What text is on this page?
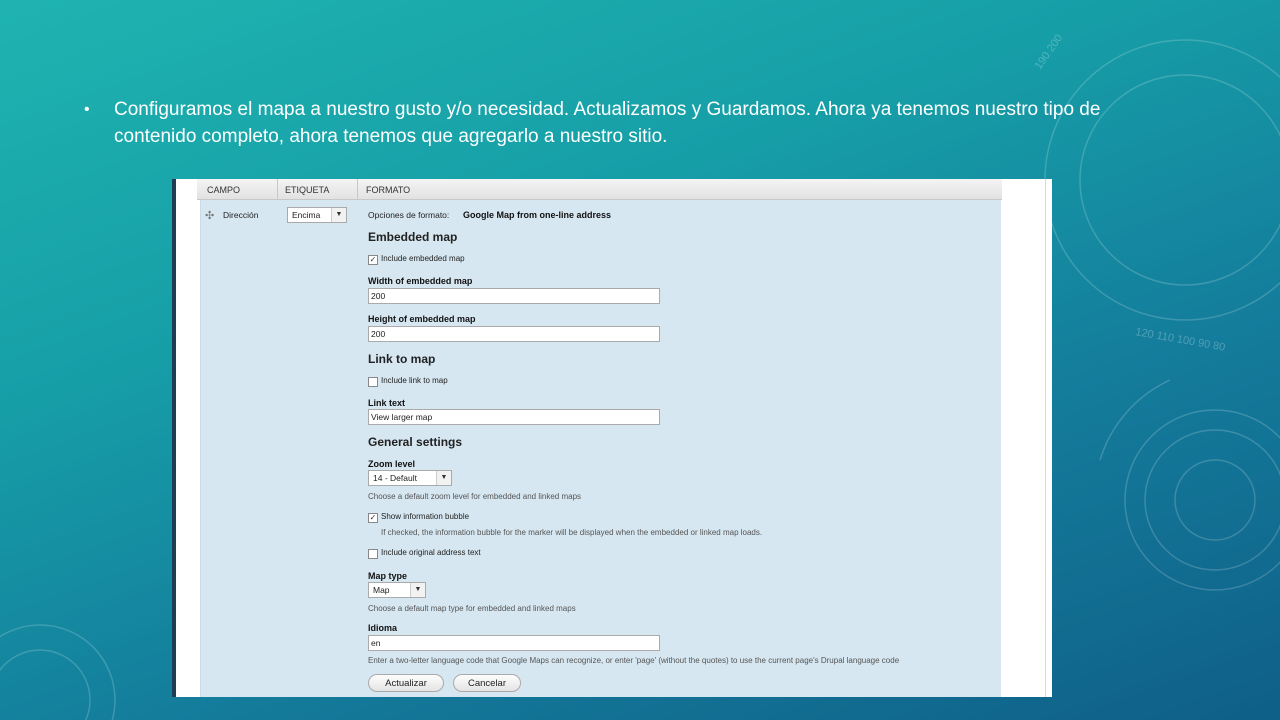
190 200
120 110 100 90 80
• Configuramos el mapa a nuestro gusto y/o necesidad. Actualizamos y Guardamos. Ahora ya tenemos nuestro tipo de contenido completo, ahora tenemos que agregarlo a nuestro sitio.
CAMPO	ETIQUETA	FORMATO
✣ Dirección	Encima	▼	Opciones de formato: Google Map from one-line address
Embedded map
✓ Include embedded map
Width of embedded map
200
Height of embedded map
200
Link to map
Include link to map
Link text
View larger map
General settings
Zoom level
14 - Default	▼
Choose a default zoom level for embedded and linked maps
✓ Show information bubble
If checked, the information bubble for the marker will be displayed when the embedded or linked map loads.
Include original address text
Map type
Map	▼
Choose a default map type for embedded and linked maps
Idioma
en
Enter a two-letter language code that Google Maps can recognize, or enter 'page' (without the quotes) to use the current page's Drupal language code
Actualizar	Cancelar
